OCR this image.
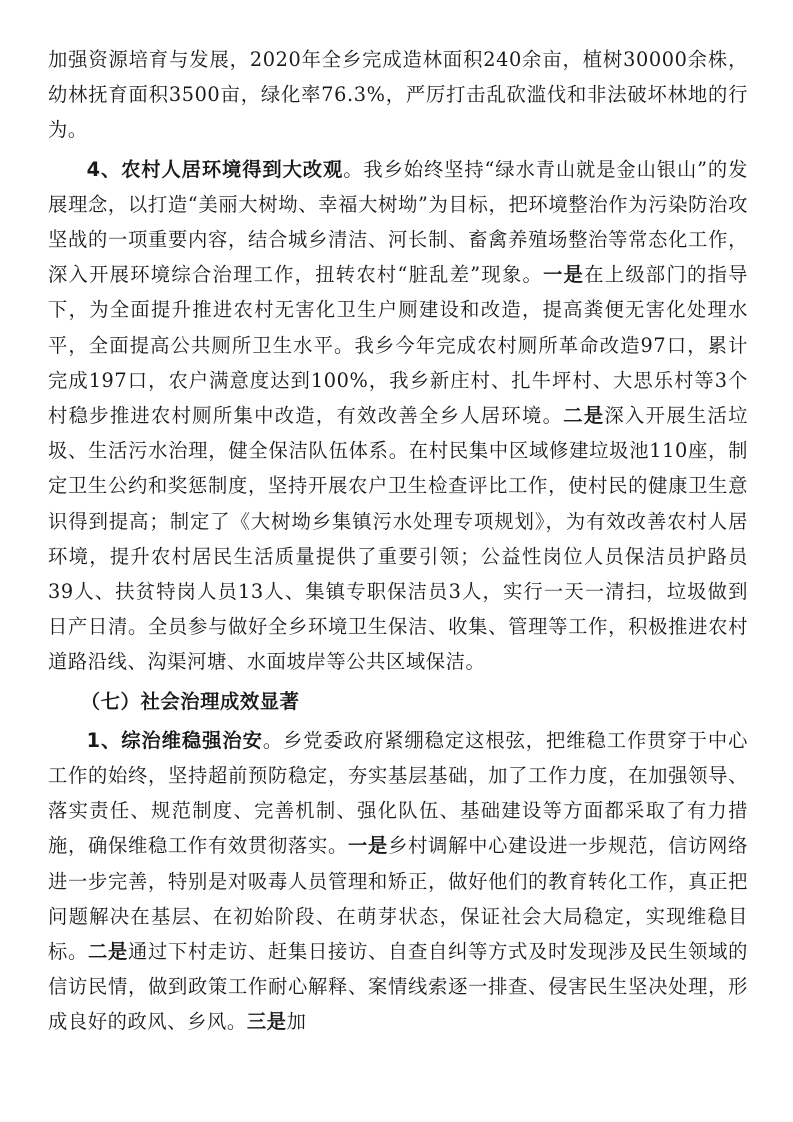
加强资源培育与发展，2020年全乡完成造林面积240余亩，植树30000余株，幼林抚育面积3500亩，绿化率76.3%，严厉打击乱砍滥伐和非法破坏林地的行为。

4、农村人居环境得到大改观。我乡始终坚持“绿水青山就是金山银山”的发展理念，以打造“美丽大树坳、幸福大树坳”为目标，把环境整治作为污染防治攻坚战的一项重要内容，结合城乡清洁、河长制、畜禽养殖场整治等常态化工作，深入开展环境综合治理工作，扭转农村“脏乱差”现象。一是在上级部门的指导下，为全面提升推进农村无害化卫生户厕建设和改造，提高粪便无害化处理水平，全面提高公共厕所卫生水平。我乡今年完成农村厕所革命改造97口，累计完成197口，农户满意度达到100%，我乡新庄村、扎牛坪村、大思乐村等3个村稳步推进农村厕所集中改造，有效改善全乡人居环境。二是深入开展生活垃圾、生活污水治理，健全保洁队伍体系。在村民集中区域修建垃圾池110座，制定卫生公约和奖惩制度，坚持开展农户卫生检查评比工作，使村民的健康卫生意识得到提高；制定了《大树坳乡集镇污水处理专项规划》，为有效改善农村人居环境，提升农村居民生活质量提供了重要引领；公益性岗位人员保洁员护路员39人、扶贫特岗人员13人、集镇专职保洁员3人，实行一天一清扫，垃圾做到日产日清。全员参与做好全乡环境卫生保洁、收集、管理等工作，积极推进农村道路沿线、沟渠河塘、水面坡岸等公共区域保洁。

（七）社会治理成效显著

1、综治维稳强治安。乡党委政府紧绷稳定这根弦，把维稳工作贯穿于中心工作的始终，坚持超前预防稳定，夯实基层基础，加了工作力度，在加强领导、落实责任、规范制度、完善机制、强化队伍、基础建设等方面都采取了有力措施，确保维稳工作有效贯彻落实。一是乡村调解中心建设进一步规范，信访网络进一步完善，特别是对吸毒人员管理和矫正，做好他们的教育转化工作，真正把问题解决在基层、在初始阶段、在萌芽状态，保证社会大局稳定，实现维稳目标。二是通过下村走访、赶集日接访、自查自纠等方式及时发现涉及民生领域的信访民情，做到政策工作耐心解释、案情线索逐一排查、侵害民生坚决处理，形成良好的政风、乡风。三是加
